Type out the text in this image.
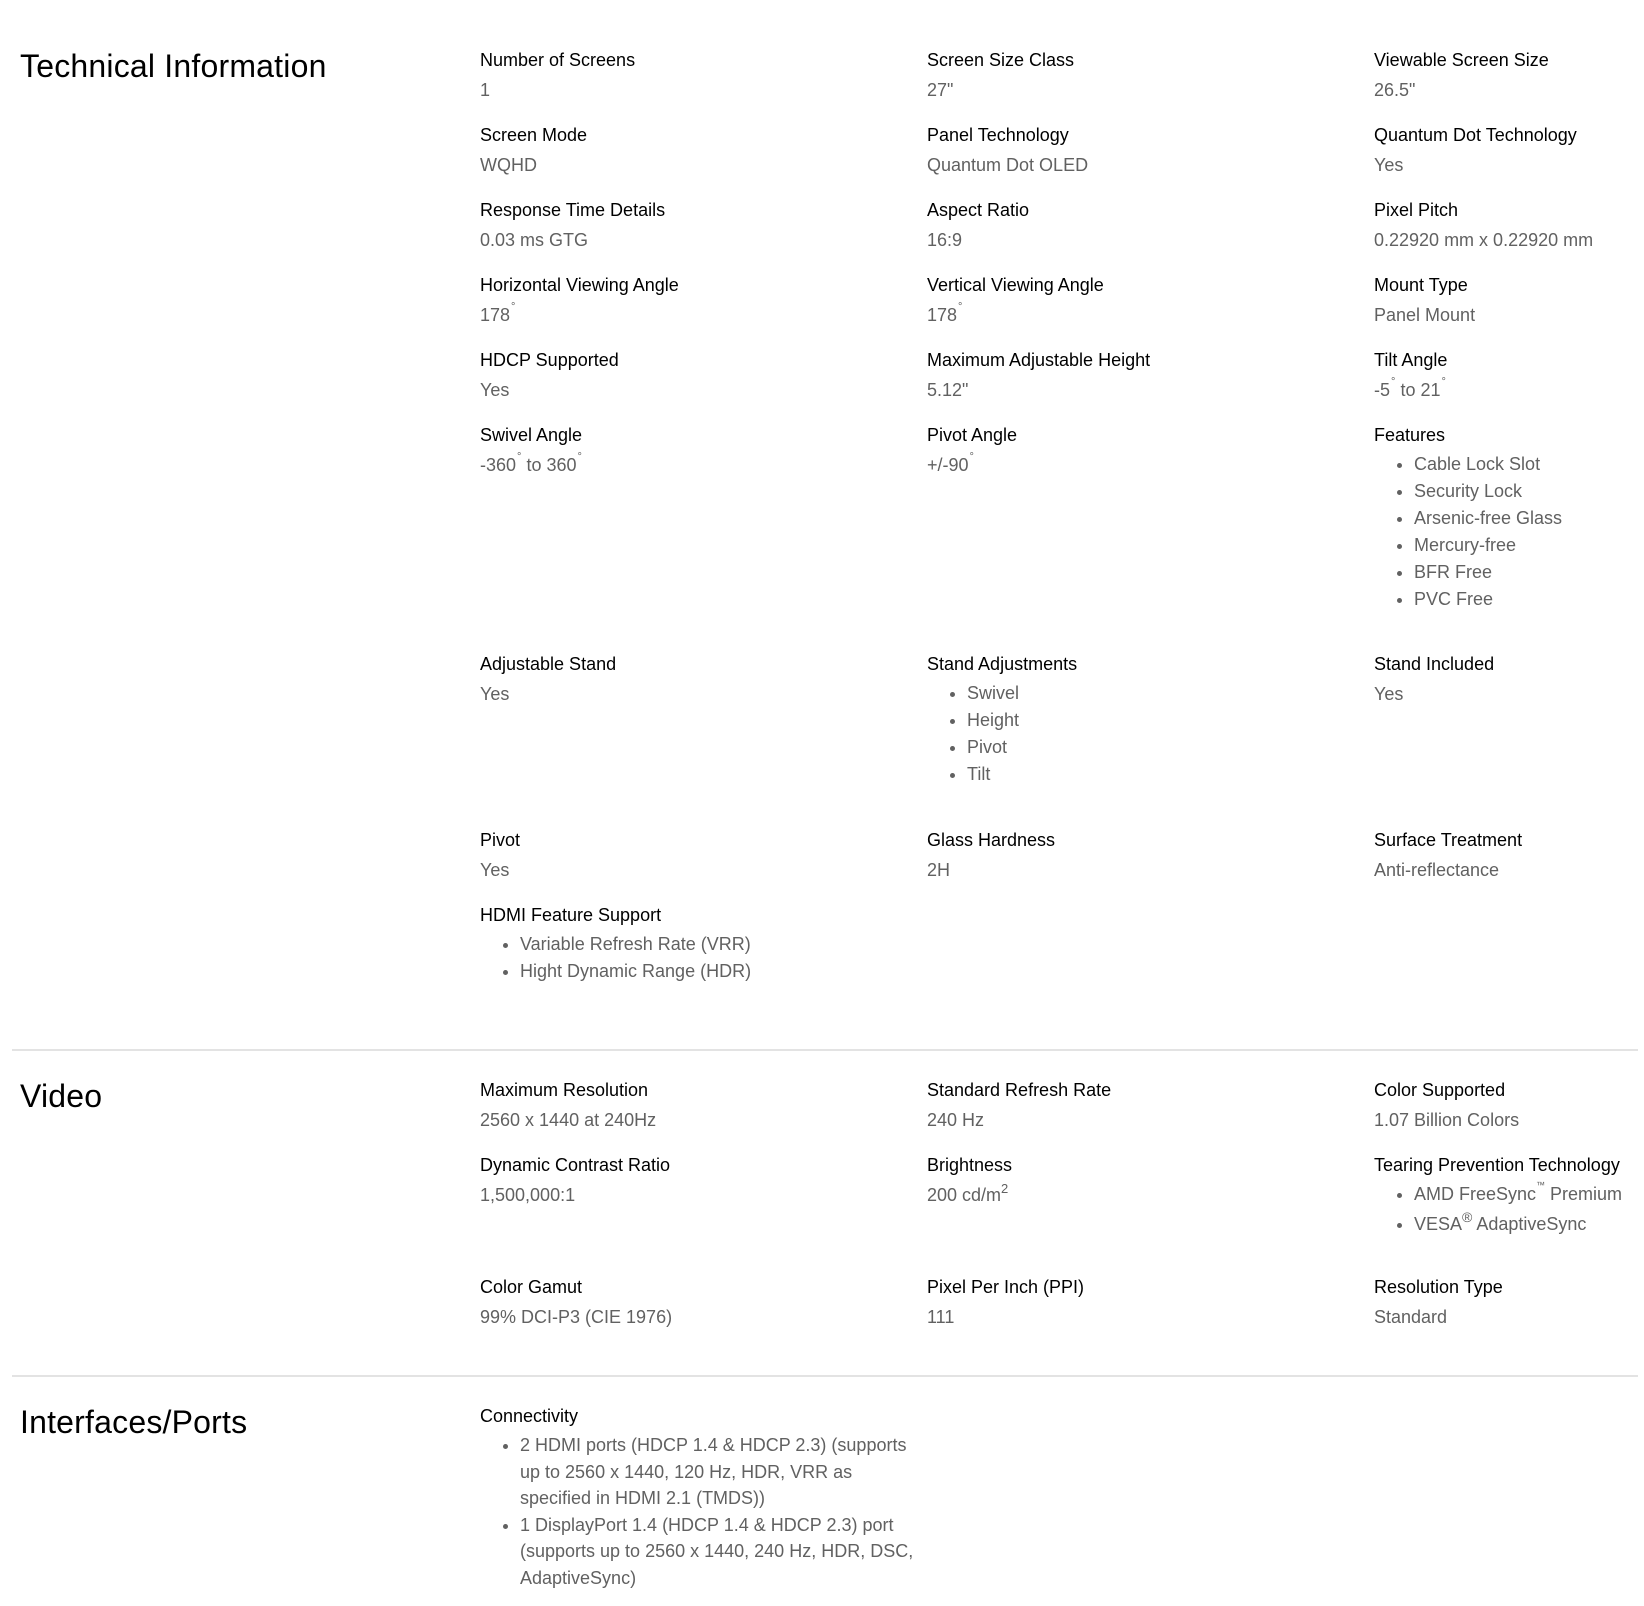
Technical Information	Number of Screens
1
Screen Size Class
27"
Viewable Screen Size
26.5"
Screen Mode
WQHD
Panel Technology
Quantum Dot OLED
Quantum Dot Technology
Yes
Response Time Details
0.03 ms GTG
Aspect Ratio
16:9
Pixel Pitch
0.22920 mm x 0.22920 mm
Horizontal Viewing Angle
178°
Vertical Viewing Angle
178°
Mount Type
Panel Mount
HDCP Supported
Yes
Maximum Adjustable Height
5.12"
Tilt Angle
-5° to 21°
Swivel Angle
-360° to 360°
Pivot Angle
+/-90°
Features
• Cable Lock Slot
• Security Lock
• Arsenic-free Glass
• Mercury-free
• BFR Free
• PVC Free
Adjustable Stand
Yes
Stand Adjustments
• Swivel
• Height
• Pivot
• Tilt
Stand Included
Yes
Pivot
Yes
Glass Hardness
2H
Surface Treatment
Anti-reflectance
HDMI Feature Support
• Variable Refresh Rate (VRR)
• Hight Dynamic Range (HDR)
Video	Maximum Resolution
2560 x 1440 at 240Hz
Standard Refresh Rate
240 Hz
Color Supported
1.07 Billion Colors
Dynamic Contrast Ratio
1,500,000:1
Brightness
200 $cd/m^2$
Tearing Prevention Technology
• AMD FreeSync™ Premium
• VESA® AdaptiveSync
Color Gamut
99% DCI-P3 (CIE 1976)
Pixel Per Inch (PPI)
111
Resolution Type
Standard
Interfaces/Ports	Connectivity
• 2 HDMI ports (HDCP 1.4 & HDCP 2.3) (supports up to 2560 x 1440, 120 Hz, HDR, VRR as specified in HDMI 2.1 (TMDS))
• 1 DisplayPort 1.4 (HDCP 1.4 & HDCP 2.3) port (supports up to 2560 x 1440, 240 Hz, HDR, DSC, AdaptiveSync)
